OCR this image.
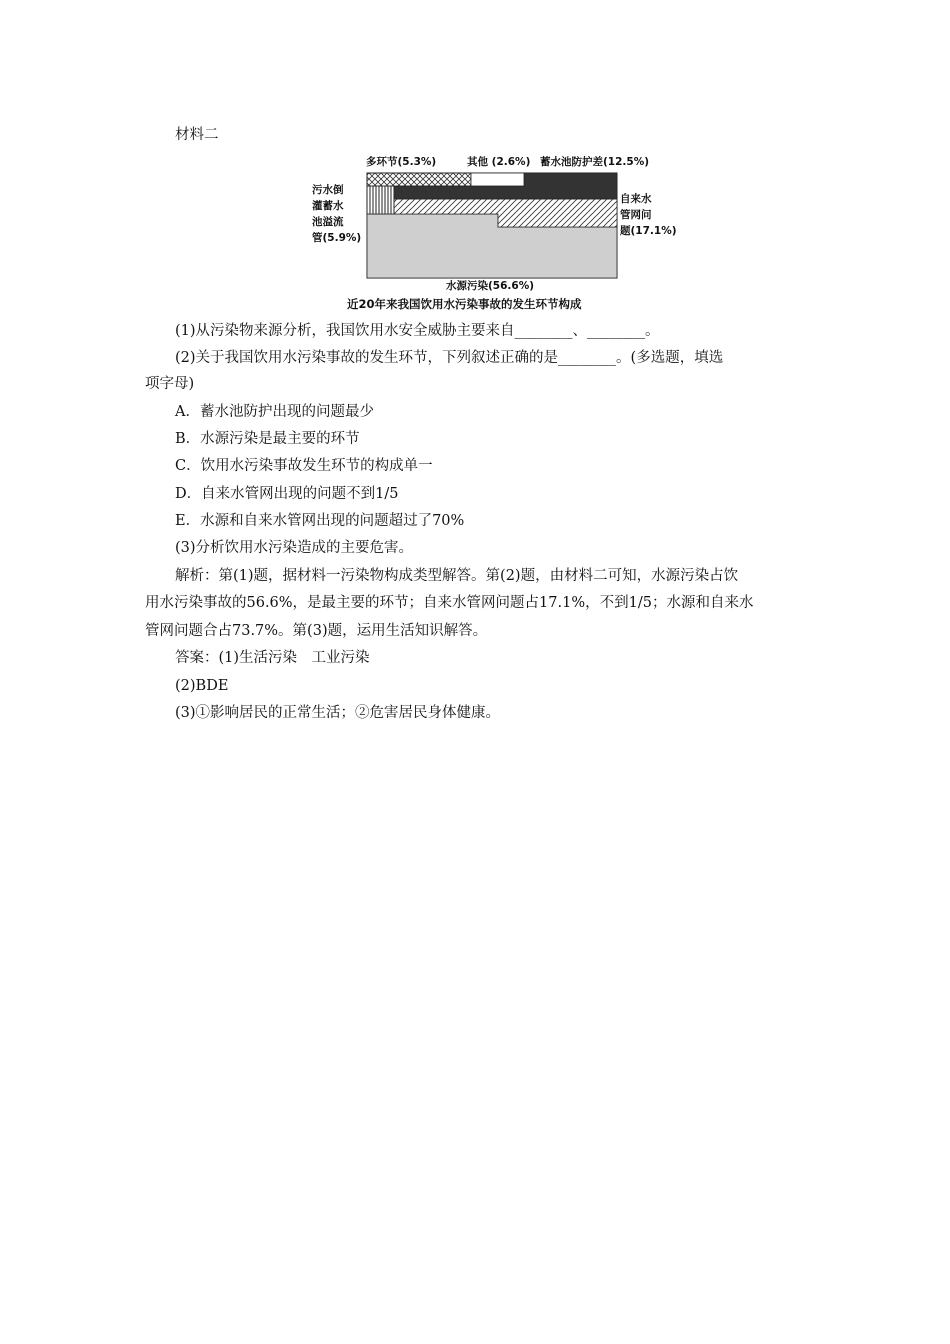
材料二
多环节(5.3%)	其他 (2.6%) 蓄水池防护差(12.5%)
污水倒
灌蓄水
池溢流
管(5.9%)
自来水
管网问
题(17.1%)
水源污染(56.6%)
近20年来我国饮用水污染事故的发生环节构成
(1)从污染物来源分析，我国饮用水安全威胁主要来自________、________。
(2)关于我国饮用水污染事故的发生环节，下列叙述正确的是________。(多选题，填选
项字母)
A．蓄水池防护出现的问题最少
B．水源污染是最主要的环节
C．饮用水污染事故发生环节的构成单一
D．自来水管网出现的问题不到1/5
E．水源和自来水管网出现的问题超过了70%
(3)分析饮用水污染造成的主要危害。
解析：第(1)题，据材料一污染物构成类型解答。第(2)题，由材料二可知，水源污染占饮
用水污染事故的56.6%，是最主要的环节；自来水管网问题占17.1%，不到1/5；水源和自来水
管网问题合占73.7%。第(3)题，运用生活知识解答。
答案：(1)生活污染　工业污染
(2)BDE
(3)①影响居民的正常生活；②危害居民身体健康。
